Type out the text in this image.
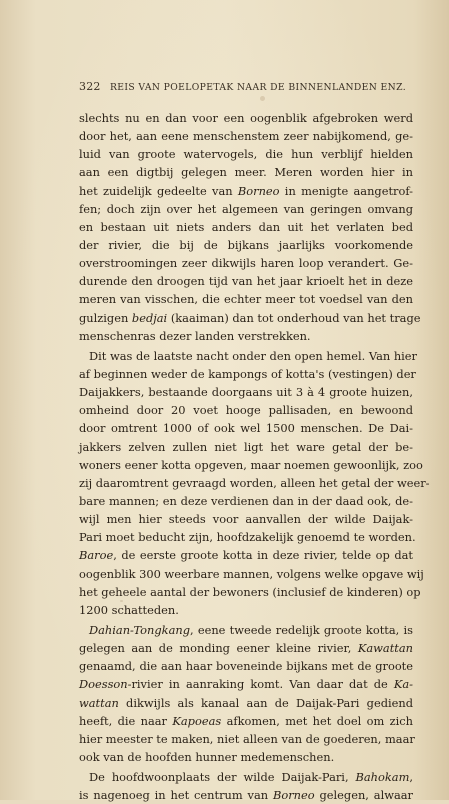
322 REIS VAN POELOPETAK NAAR DE BINNENLANDEN ENZ.
slechts nu en dan voor een oogenblik afgebroken werd
door het, aan eene menschenstem zeer nabijkomend, ge-
luid van groote watervogels, die hun verblijf hielden
aan een digtbij gelegen meer. Meren worden hier in
het zuidelijk gedeelte van Borneo in menigte aangetrof-
fen; doch zijn over het algemeen van geringen omvang
en bestaan uit niets anders dan uit het verlaten bed
der rivier, die bij de bijkans jaarlijks voorkomende
overstroomingen zeer dikwijls haren loop verandert. Ge-
durende den droogen tijd van het jaar krioelt het in deze
meren van visschen, die echter meer tot voedsel van den
gulzigen bedjai (kaaiman) dan tot onderhoud van het trage
menschenras dezer landen verstrekken.
Dit was de laatste nacht onder den open hemel. Van hier
af beginnen weder de kampongs of kotta's (vestingen) der
Daijakkers, bestaande doorgaans uit 3 à 4 groote huizen,
omheind door 20 voet hooge pallisaden, en bewoond
door omtrent 1000 of ook wel 1500 menschen. De Dai-
jakkers zelven zullen niet ligt het ware getal der be-
woners eener kotta opgeven, maar noemen gewoonlijk, zoo
zij daaromtrent gevraagd worden, alleen het getal der weer-
bare mannen; en deze verdienen dan in der daad ook, de-
wijl men hier steeds voor aanvallen der wilde Daijak-
Pari moet beducht zijn, hoofdzakelijk genoemd te worden.
Baroe, de eerste groote kotta in deze rivier, telde op dat
oogenblik 300 weerbare mannen, volgens welke opgave wij
het geheele aantal der bewoners (inclusief de kinderen) op
1200 schatteden.
Dahian-Tongkang, eene tweede redelijk groote kotta, is
gelegen aan de monding eener kleine rivier, Kawattan
genaamd, die aan haar boveneinde bijkans met de groote
Doesson-rivier in aanraking komt. Van daar dat de Ka-
wattan dikwijls als kanaal aan de Daijak-Pari gediend
heeft, die naar Kapoeas afkomen, met het doel om zich
hier meester te maken, niet alleen van de goederen, maar
ook van de hoofden hunner medemenschen.
De hoofdwoonplaats der wilde Daijak-Pari, Bahokam,
is nagenoeg in het centrum van Borneo gelegen, alwaar
